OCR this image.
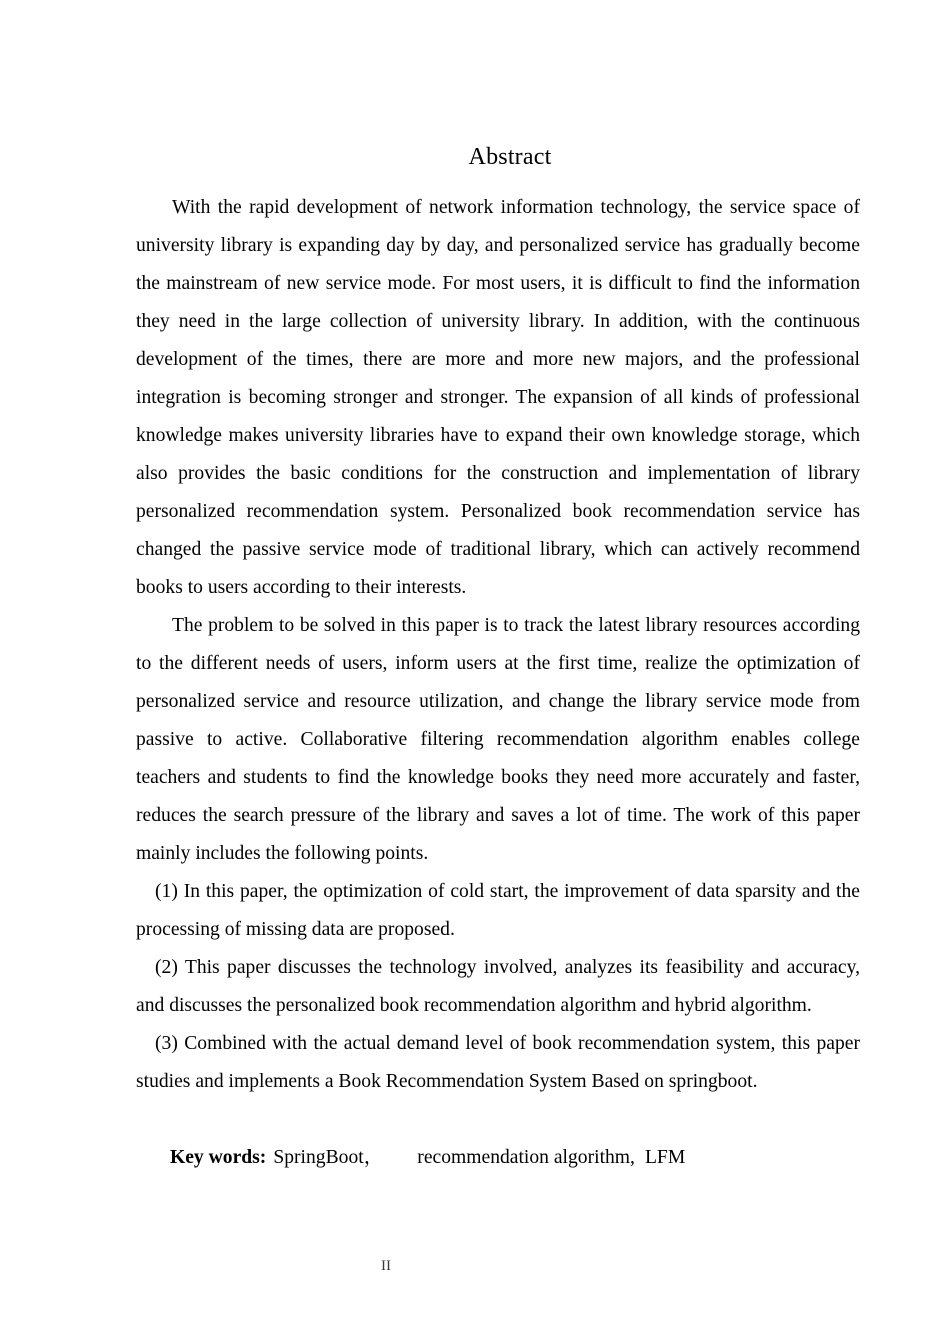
Abstract

With the rapid development of network information technology, the service space of university library is expanding day by day, and personalized service has gradually become the mainstream of new service mode. For most users, it is difficult to find the information they need in the large collection of university library. In addition, with the continuous development of the times, there are more and more new majors, and the professional integration is becoming stronger and stronger. The expansion of all kinds of professional knowledge makes university libraries have to expand their own knowledge storage, which also provides the basic conditions for the construction and implementation of library personalized recommendation system. Personalized book recommendation service has changed the passive service mode of traditional library, which can actively recommend books to users according to their interests.

The problem to be solved in this paper is to track the latest library resources according to the different needs of users, inform users at the first time, realize the optimization of personalized service and resource utilization, and change the library service mode from passive to active. Collaborative filtering recommendation algorithm enables college teachers and students to find the knowledge books they need more accurately and faster, reduces the search pressure of the library and saves a lot of time. The work of this paper mainly includes the following points.

(1) In this paper, the optimization of cold start, the improvement of data sparsity and the processing of missing data are proposed.

(2) This paper discusses the technology involved, analyzes its feasibility and accuracy, and discusses the personalized book recommendation algorithm and hybrid algorithm.

(3) Combined with the actual demand level of book recommendation system, this paper studies and implements a Book Recommendation System Based on springboot.

Key words: SpringBoot， recommendation algorithm, LFM

II
